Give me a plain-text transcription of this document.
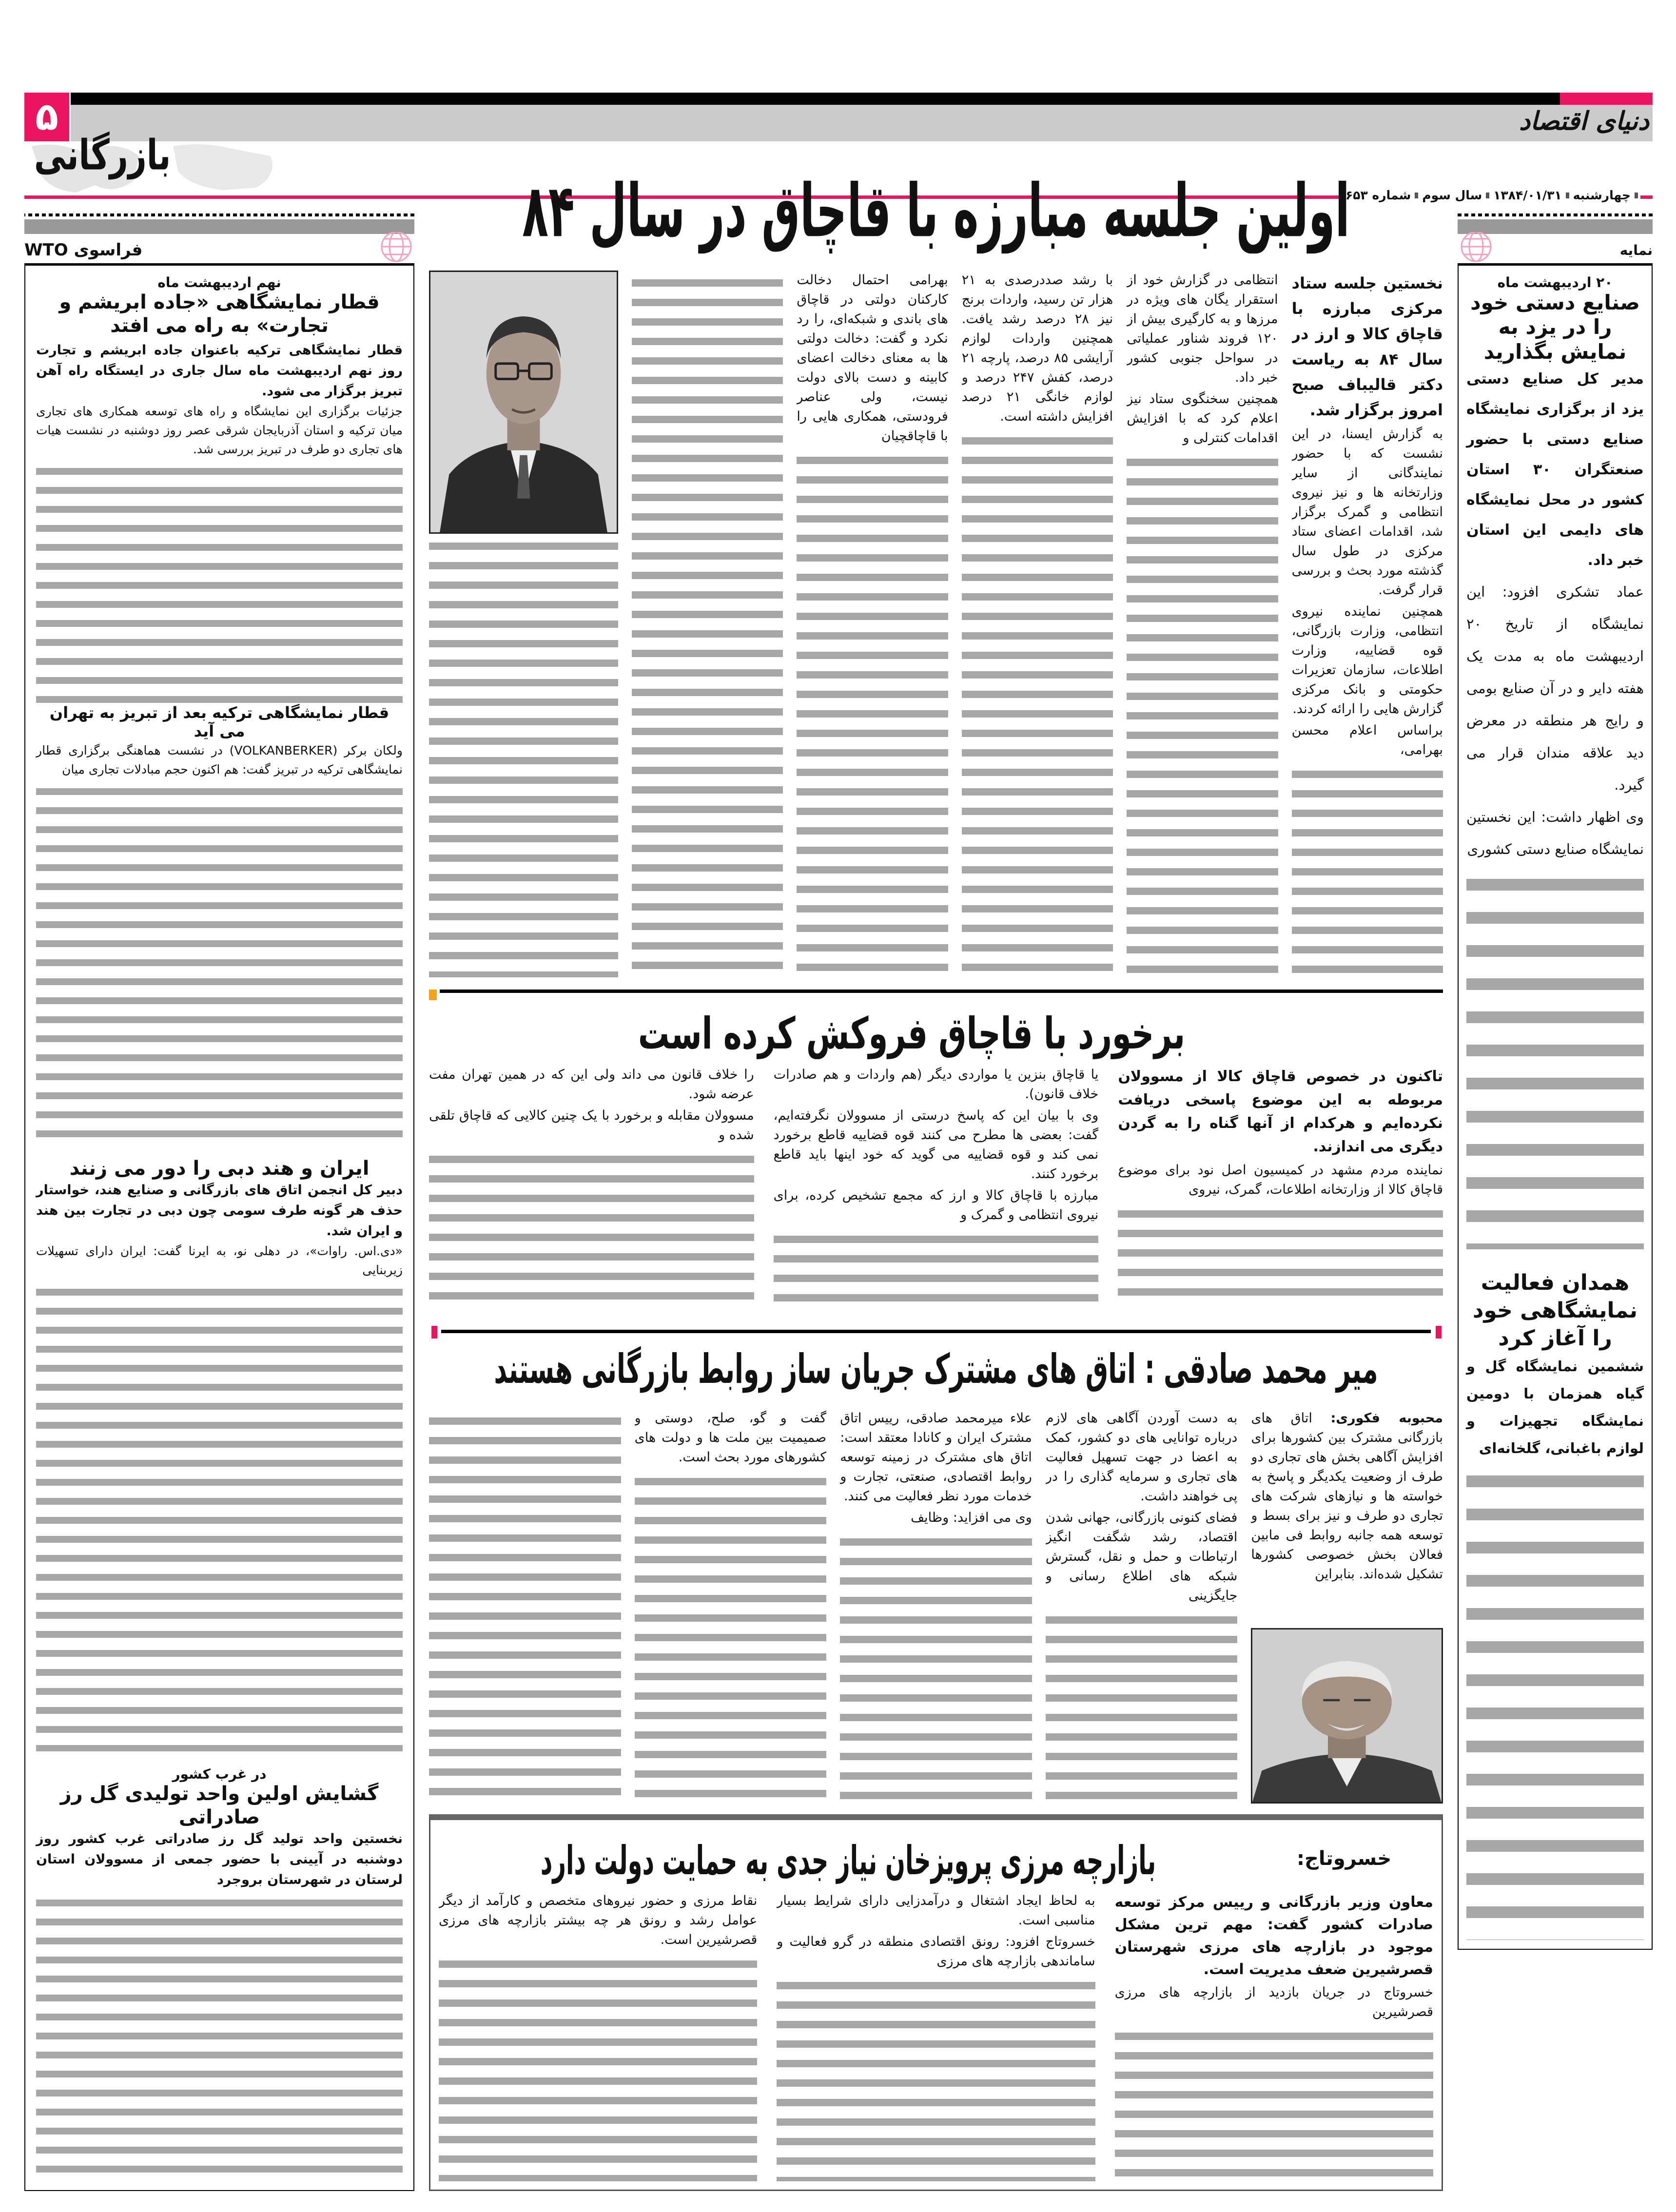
۵	دنیای اقتصاد
بازرگانی
چهارشنبه
۱۳۸۴/۰۱/۳۱
سال سوم
شماره ۶۵۳
فراسوی WTO
نهم اردیبهشت ماه
قطار نمایشگاهی «جاده ابریشم و تجارت» به راه می افتد
قطار نمایشگاهی ترکیه باعنوان جاده ابریشم و تجارت روز نهم اردیبهشت ماه سال جاری در ایستگاه راه آهن تبریز برگزار می شود.
جزئیات برگزاری این نمایشگاه و راه های توسعه همکاری های تجاری میان ترکیه و استان آذربایجان شرقی عصر روز دوشنبه در نشست هیات های تجاری دو طرف در تبریز بررسی شد.
قطار نمایشگاهی ترکیه بعد از تبریز به تهران می آید
ولکان برکر (VOLKANBERKER) در نشست هماهنگی برگزاری قطار نمایشگاهی ترکیه در تبریز گفت: هم اکنون حجم مبادلات تجاری میان
ایران و هند دبی را دور می زنند
دبیر کل انجمن اتاق های بازرگانی و صنایع هند، خواستار حذف هر گونه طرف سومی چون دبی در تجارت بین هند و ایران شد.
«دی.اس. راوات»، در دهلی نو، به ایرنا گفت: ایران دارای تسهیلات زیربنایی
در غرب کشور
گشایش اولین واحد تولیدی گل رز صادراتی
نخستین واحد تولید گل رز صادراتی غرب کشور روز دوشنبه در آیینی با حضور جمعی از مسوولان استان لرستان در شهرستان بروجرد
نمایه
۲۰ اردیبهشت ماه
صنایع دستی خود را در یزد به نمایش بگذارید
مدیر کل صنایع دستی یزد از برگزاری نمایشگاه صنایع دستی با حضور صنعتگران ۳۰ استان کشور در محل نمایشگاه های دایمی این استان خبر داد.
عماد تشکری افزود: این نمایشگاه از تاریخ ۲۰ اردیبهشت ماه به مدت یک هفته دایر و در آن صنایع بومی و رایج هر منطقه در معرض دید علاقه مندان قرار می گیرد.
وی اظهار داشت: این نخستین نمایشگاه صنایع دستی کشوری
همدان فعالیت نمایشگاهی خود را آغاز کرد
ششمین نمایشگاه گل و گیاه همزمان با دومین نمایشگاه تجهیزات و لوازم باغبانی، گلخانه‌ای
اولین جلسه مبارزه با قاچاق در سال ۸۴

نخستین جلسه ستاد مرکزی مبارزه با قاچاق کالا و ارز در سال ۸۴ به ریاست دکتر قالیباف صبح امروز برگزار شد.

به گزارش ایسنا، در این نشست که با حضور نمایندگانی از سایر وزارتخانه ها و نیز نیروی انتظامی و گمرک برگزار شد، اقدامات اعضای ستاد مرکزی در طول سال گذشته مورد بحث و بررسی قرار گرفت.

همچنین نماینده نیروی انتظامی، وزارت بازرگانی، قوه قضاییه، وزارت اطلاعات، سازمان تعزیرات حکومتی و بانک مرکزی گزارش هایی را ارائه کردند.

براساس اعلام محسن بهرامی،

انتظامی در گزارش خود از استقرار یگان های ویژه در مرزها و به کارگیری بیش از ۱۲۰ فروند شناور عملیاتی در سواحل جنوبی کشور خبر داد.

همچنین سخنگوی ستاد نیز اعلام کرد که با افزایش اقدامات کنترلی و

با رشد صددرصدی به ۲۱ هزار تن رسید، واردات برنج نیز ۲۸ درصد رشد یافت. همچنین واردات لوازم آرایشی ۸۵ درصد، پارچه ۲۱ درصد، کفش ۲۴۷ درصد و لوازم خانگی ۲۱ درصد افزایش داشته است.

بهرامی احتمال دخالت کارکنان دولتی در قاچاق های باندی و شبکه‌ای، را رد نکرد و گفت: دخالت دولتی ها به معنای دخالت اعضای کابینه و دست بالای دولت نیست، ولی عناصر فرودستی، همکاری هایی را با قاچاقچیان

برخورد با قاچاق فروکش کرده است

تاکنون در خصوص قاچاق کالا از مسوولان مربوطه به این موضوع پاسخی دریافت نکرده‌ایم و هرکدام از آنها گناه را به گردن دیگری می اندازند.

نماینده مردم مشهد در کمیسیون اصل نود برای موضوع قاچاق کالا از وزارتخانه اطلاعات، گمرک، نیروی

یا قاچاق بنزین یا مواردی دیگر (هم واردات و هم صادرات خلاف قانون).

وی با بیان این که پاسخ درستی از مسوولان نگرفته‌ایم، گفت: بعضی ها مطرح می کنند قوه قضاییه قاطع برخورد نمی کند و قوه قضاییه می گوید که خود اینها باید قاطع برخورد کنند.

مبارزه با قاچاق کالا و ارز که مجمع تشخیص کرده، برای نیروی انتظامی و گمرک و

را خلاف قانون می داند ولی این که در همین تهران مفت عرضه شود.

مسوولان مقابله و برخورد با یک چنین کالایی که قاچاق تلقی شده و

میر محمد صادقی : اتاق های مشترک جریان ساز روابط بازرگانی هستند

محبوبه فکوری: اتاق های بازرگانی مشترک بین کشورها برای افزایش آگاهی بخش های تجاری دو طرف از وضعیت یکدیگر و پاسخ به خواسته ها و نیازهای شرکت های تجاری دو طرف و نیز برای بسط و توسعه همه جانبه روابط فی مابین فعالان بخش خصوصی کشورها تشکیل شده‌اند. بنابراین

به دست آوردن آگاهی های لازم درباره توانایی های دو کشور، کمک به اعضا در جهت تسهیل فعالیت های تجاری و سرمایه گذاری را در پی خواهند داشت.

فضای کنونی بازرگانی، جهانی شدن اقتصاد، رشد شگفت انگیز ارتباطات و حمل و نقل، گسترش شبکه های اطلاع رسانی و جایگزینی

علاء میرمحمد صادقی، رییس اتاق مشترک ایران و کانادا معتقد است: اتاق های مشترک در زمینه توسعه روابط اقتصادی، صنعتی، تجارت و خدمات مورد نظر فعالیت می کنند.

وی می افزاید: وظایف

گفت و گو، صلح، دوستی و صمیمیت بین ملت ها و دولت های کشورهای مورد بحث است.

خسروتاج:
بازارچه مرزی پرویزخان نیاز جدی به حمایت دولت دارد

معاون وزیر بازرگانی و رییس مرکز توسعه صادرات کشور گفت: مهم ترین مشکل موجود در بازارچه های مرزی شهرستان قصرشیرین ضعف مدیریت است.

خسروتاج در جریان بازدید از بازارچه های مرزی قصرشیرین

به لحاظ ایجاد اشتغال و درآمدزایی دارای شرایط بسیار مناسبی است.

خسروتاج افزود: رونق اقتصادی منطقه در گرو فعالیت و ساماندهی بازارچه های مرزی

نقاط مرزی و حضور نیروهای متخصص و کارآمد از دیگر عوامل رشد و رونق هر چه بیشتر بازارچه های مرزی قصرشیرین است.
